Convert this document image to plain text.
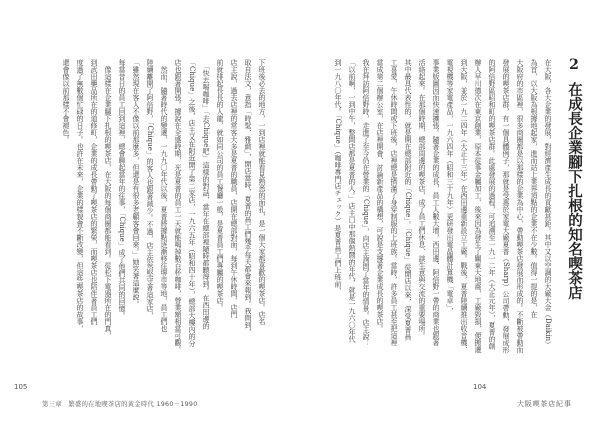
2在成長企業腳下扎根的知名喫茶店
在大阪，各大企業的發展，對經濟產生成長的貢獻甚鉅。其中又以空調的大廠大金（Daikin）
為首，以大阪為根據地起家，進而站上業界頂點的企業不在少數。值得一提的是，在
大阪府的市區裡，很多商圈都是以那樣的企業為中心，帶動喫茶店發展而形成的。不斷被帶動而
發展的喫茶店群，有一個具體例子，那就是受惠於家電大廠夏普（Sharp）公司帶動，發展成形
的阿倍野區昭和町的喫茶店群。此處發展的過程，可追溯至一九一二年（大正元年），夏普的創
辦人早川德次在東京創業，原本從事金屬加工，後來因為發生了關東大地震，工廠毀損，便搬遷
到大阪，並於一九二四年（大正十三年）在西田邊重新設立工廠。戰後，夏普陸續推出收音機、
電視機等家電產品，一九六四年（昭和三十九年）更研發出電晶體計算機「電卓」，
事業版圖因而快速擴張。隨著企業的成長，員工人數大增，西田邊、阿倍野一帶的商業也跟著
活絡起來。在那個時期，總部周邊的喫茶店，成了員工們休息、談生意與交流的重要場所。
其中最具代表性的，就是開在總部附近的「Chique」。「Chique」從開店以來，深受夏普員
工喜愛，午休時間或下班後，店裡總是擠滿了身穿制服的上班族。當時，許多員工甚至把這裡
當成第二個辦公室，在店裡開會、討論新產品的構想，可說是支撐著企業成長的喫茶店。
我在拜訪阿倍野時，走進了至今仍在營業的「Chique」，向店主詢問了當年的情景。店主說：
「以前啊，一到中午，整間店都是夏普的人。」店主口中那個熱鬧的年代，就是一九六〇年代
到一九八〇年代。「Chique」（咖啡專門店チェック）是夏普員工們上班前、
下班後必去的地方，一到店裡就能看見熟悉的面孔，是一個大家都喜歡的喫茶店。店名
取自法文，意指「時髦、雅緻」，開店當時，夏普的員工們幾乎每天都會來報到。我問到，
店主說，過去店裡的常客大多是夏普的職員，店開在總部對面，每到午休時間，店門
前就排起長長的人龍，就如同公司的員工餐廳一般，是夏普員工們專屬的喫茶店。
　「快去喝咖啡」「去Chique吧」這樣的對話，當年在總部裡隨時都聽得到。在西田邊的
「Chique」之後，店主又在附近開了第二家店，一九六五年（昭和四十年），總部大樓內的分
店也跟著開張。據說在全盛時期，光是夏普的員工一天就能喝掉數百杯咖啡，營業額相當可觀。
　然而，隨著時代的變遷，一九九〇年代以後，夏普將據點逐漸移往堺市等地，員工們也
陸續離開了阿倍野，「Chique」的客人也跟著減少。不過，店主依然堅守著這家店，
「雖然現在客人不像以前那麼多，但還是有很多老顧客會回來。」她笑著這麼說。
每當昔日的員工回到這裡，總會聊起當年的往事，「Chique」成了他們共同的回憶。
　像這樣在企業腳下扎根的喫茶店，在大阪的每個商圈都能看到。從松下電器所在的門真，
到武田藥品所在的道修町，企業的成長帶動了喫茶店的繁榮，而喫茶店也陪伴著員工們
度過了無數個忙碌的日子。也許在未來，企業的樣貌會不斷改變，但這些喫茶店的故事，
還會像以前那樣不會褪色。
104
大阪喫茶店紀事
105
第三章　繁盛的在地喫茶店的黃金時代 1960－1990
